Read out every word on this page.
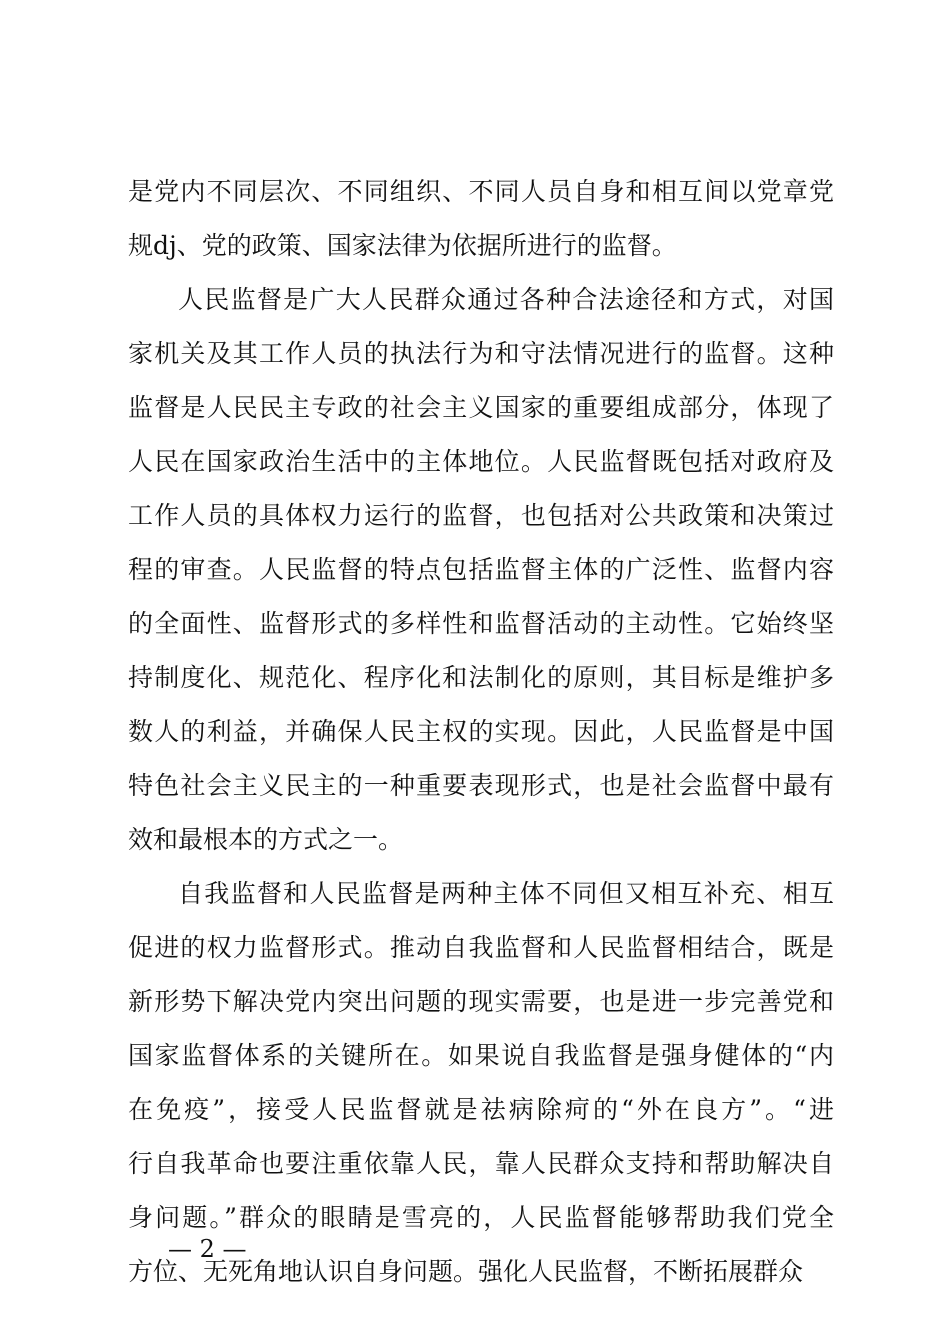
是党内不同层次、不同组织、不同人员自身和相互间以党章党
规dj、党的政策、国家法律为依据所进行的监督。
人民监督是广大人民群众通过各种合法途径和方式，对国
家机关及其工作人员的执法行为和守法情况进行的监督。这种
监督是人民民主专政的社会主义国家的重要组成部分，体现了
人民在国家政治生活中的主体地位。人民监督既包括对政府及
工作人员的具体权力运行的监督，也包括对公共政策和决策过
程的审查。人民监督的特点包括监督主体的广泛性、监督内容
的全面性、监督形式的多样性和监督活动的主动性。它始终坚
持制度化、规范化、程序化和法制化的原则，其目标是维护多
数人的利益，并确保人民主权的实现。因此，人民监督是中国
特色社会主义民主的一种重要表现形式，也是社会监督中最有
效和最根本的方式之一。
自我监督和人民监督是两种主体不同但又相互补充、相互
促进的权力监督形式。推动自我监督和人民监督相结合，既是
新形势下解决党内突出问题的现实需要，也是进一步完善党和
国家监督体系的关键所在。如果说自我监督是强身健体的“内
在免疫”，接受人民监督就是祛病除疴的“外在良方”。“进
行自我革命也要注重依靠人民，靠人民群众支持和帮助解决自
身问题。”群众的眼睛是雪亮的，人民监督能够帮助我们党全
方位、无死角地认识自身问题。强化人民监督，不断拓展群众
— 2 —
